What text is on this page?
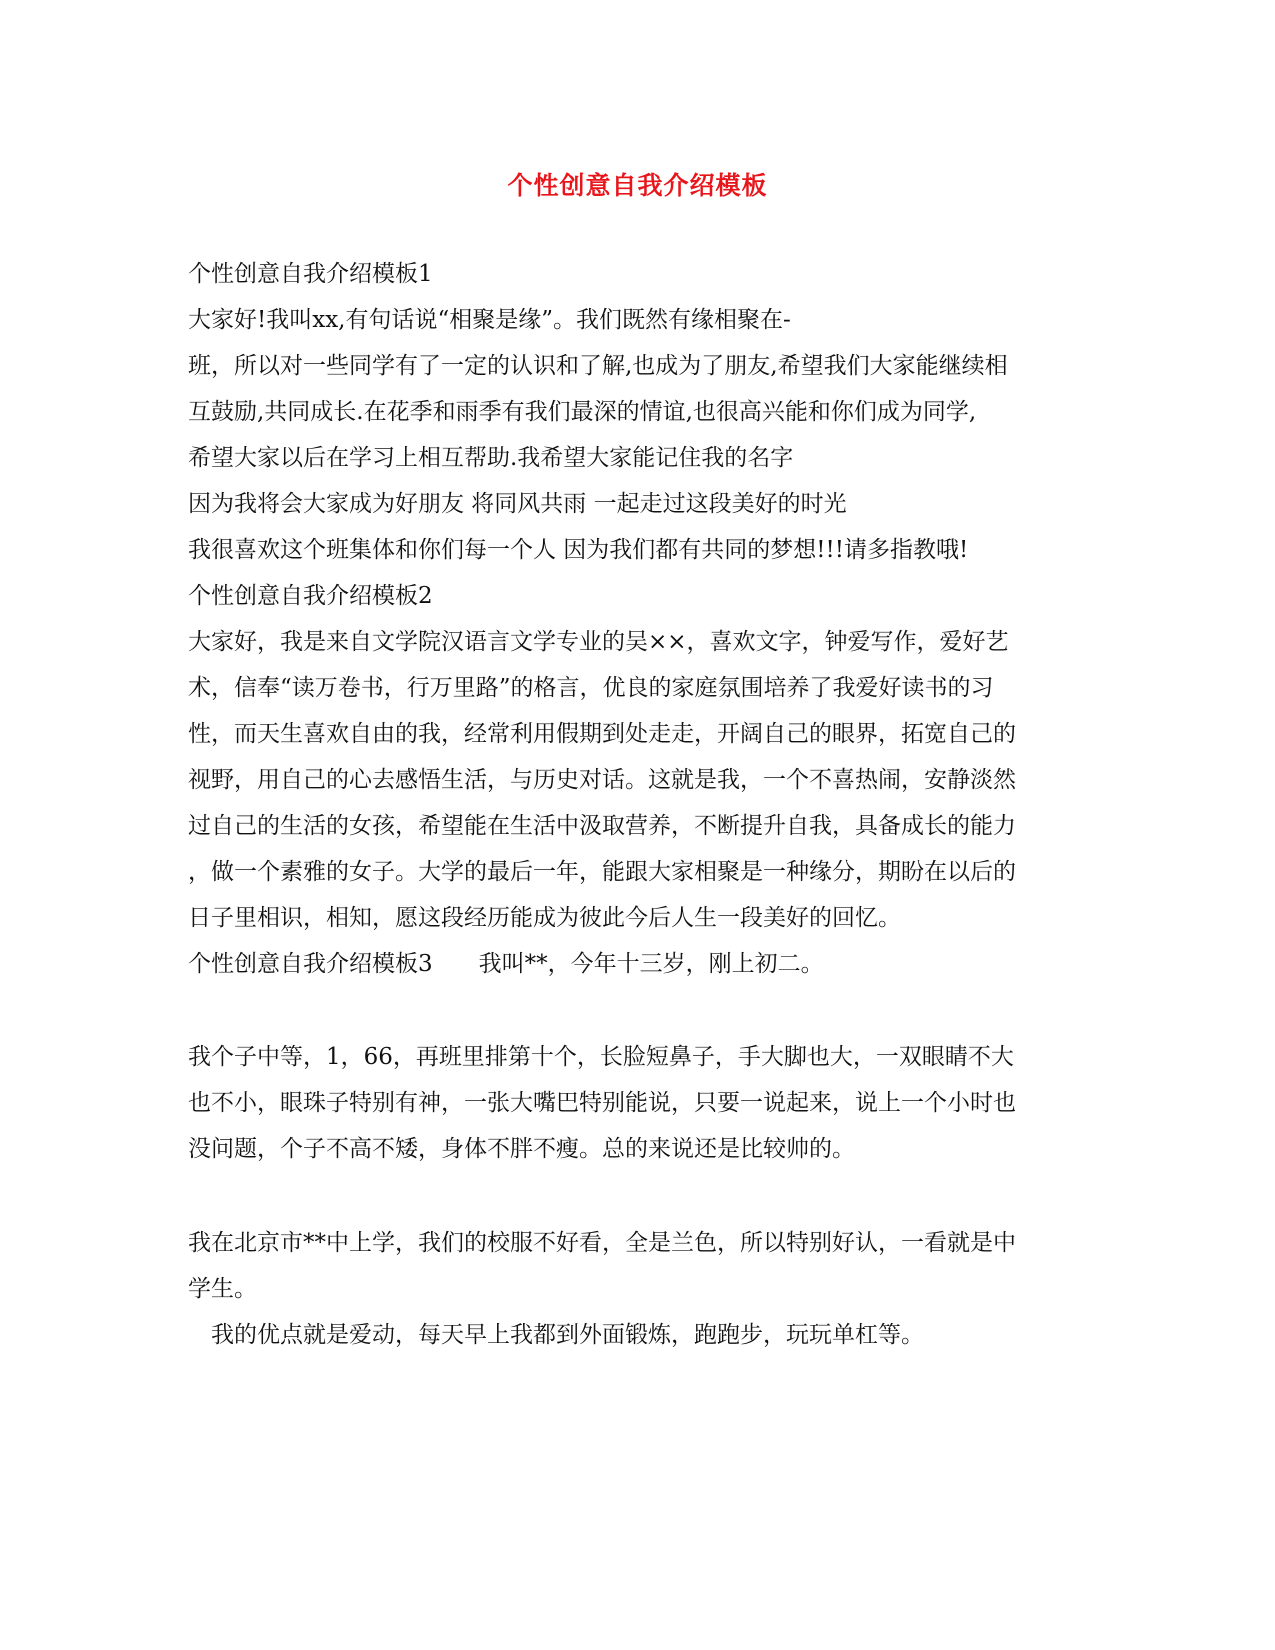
个性创意自我介绍模板
个性创意自我介绍模板1
大家好!我叫xx,有句话说“相聚是缘”。我们既然有缘相聚在-
班，所以对一些同学有了一定的认识和了解,也成为了朋友,希望我们大家能继续相
互鼓励,共同成长.在花季和雨季有我们最深的情谊,也很高兴能和你们成为同学,
希望大家以后在学习上相互帮助.我希望大家能记住我的名字
因为我将会大家成为好朋友 将同风共雨 一起走过这段美好的时光
我很喜欢这个班集体和你们每一个人 因为我们都有共同的梦想!!!请多指教哦!
个性创意自我介绍模板2
大家好，我是来自文学院汉语言文学专业的吴××，喜欢文字，钟爱写作，爱好艺
术，信奉“读万卷书，行万里路”的格言，优良的家庭氛围培养了我爱好读书的习
性，而天生喜欢自由的我，经常利用假期到处走走，开阔自己的眼界，拓宽自己的
视野，用自己的心去感悟生活，与历史对话。这就是我，一个不喜热闹，安静淡然
过自己的生活的女孩，希望能在生活中汲取营养，不断提升自我，具备成长的能力
，做一个素雅的女子。大学的最后一年，能跟大家相聚是一种缘分，期盼在以后的
日子里相识，相知，愿这段经历能成为彼此今后人生一段美好的回忆。
个性创意自我介绍模板3　　我叫**，今年十三岁，刚上初二。
我个子中等，1，66，再班里排第十个，长脸短鼻子，手大脚也大，一双眼睛不大
也不小，眼珠子特别有神，一张大嘴巴特别能说，只要一说起来，说上一个小时也
没问题，个子不高不矮，身体不胖不瘦。总的来说还是比较帅的。
我在北京市**中上学，我们的校服不好看，全是兰色，所以特别好认，一看就是中
学生。
　我的优点就是爱动，每天早上我都到外面锻炼，跑跑步，玩玩单杠等。
